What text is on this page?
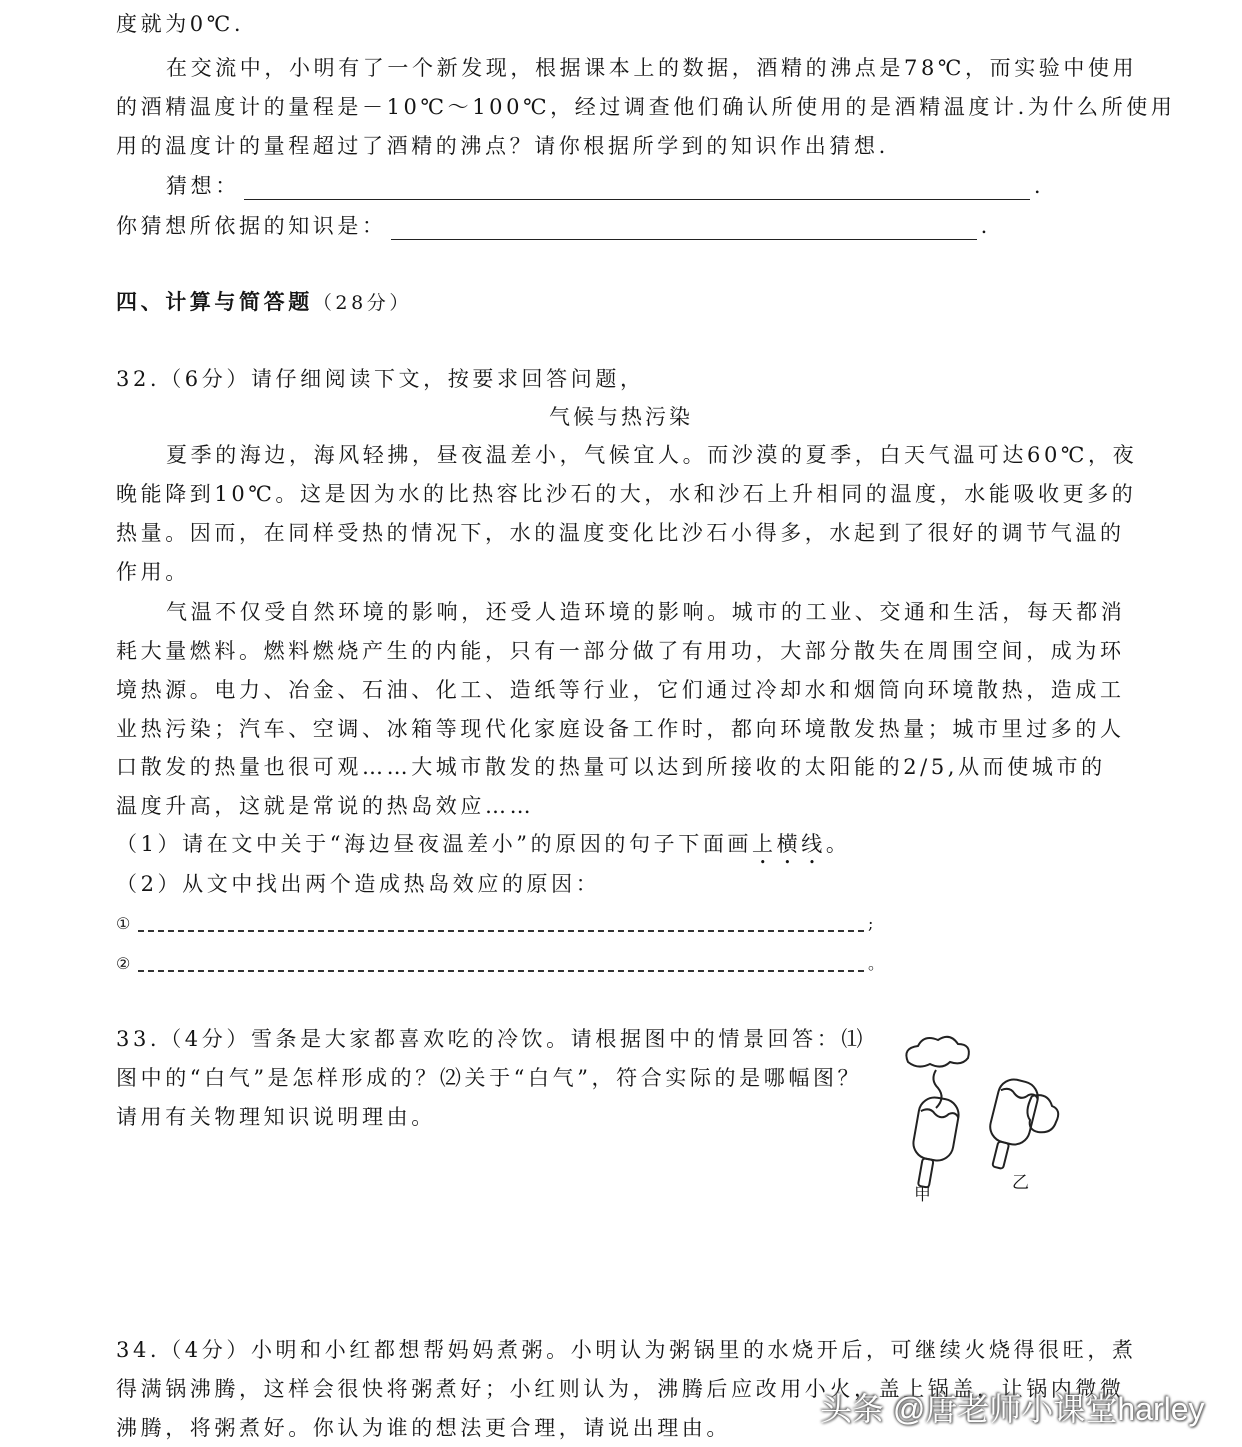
度就为0℃.
在交流中，小明有了一个新发现，根据课本上的数据，酒精的沸点是78℃，而实验中使用
的酒精温度计的量程是－10℃～100℃，经过调查他们确认所使用的是酒精温度计.为什么所使用
用的温度计的量程超过了酒精的沸点？请你根据所学到的知识作出猜想.
猜想：	.
你猜想所依据的知识是：	.
四、计算与简答题（28分）
32.（6分）请仔细阅读下文，按要求回答问题，
气候与热污染
夏季的海边，海风轻拂，昼夜温差小，气候宜人。而沙漠的夏季，白天气温可达60℃，夜
晚能降到10℃。这是因为水的比热容比沙石的大，水和沙石上升相同的温度，水能吸收更多的
热量。因而，在同样受热的情况下，水的温度变化比沙石小得多，水起到了很好的调节气温的
作用。
气温不仅受自然环境的影响，还受人造环境的影响。城市的工业、交通和生活，每天都消
耗大量燃料。燃料燃烧产生的内能，只有一部分做了有用功，大部分散失在周围空间，成为环
境热源。电力、冶金、石油、化工、造纸等行业，它们通过冷却水和烟筒向环境散热，造成工
业热污染；汽车、空调、冰箱等现代化家庭设备工作时，都向环境散发热量；城市里过多的人
口散发的热量也很可观……大城市散发的热量可以达到所接收的太阳能的2/5,从而使城市的
温度升高，这就是常说的热岛效应……
（1）请在文中关于“海边昼夜温差小”的原因的句子下面画上横线。
（2）从文中找出两个造成热岛效应的原因：
①	;
②	。
33.（4分）雪条是大家都喜欢吃的冷饮。请根据图中的情景回答：⑴
图中的“白气”是怎样形成的？⑵关于“白气”，符合实际的是哪幅图？
请用有关物理知识说明理由。
甲
乙
34.（4分）小明和小红都想帮妈妈煮粥。小明认为粥锅里的水烧开后，可继续火烧得很旺，煮
得满锅沸腾，这样会很快将粥煮好；小红则认为，沸腾后应改用小火，盖上锅盖，让锅内微微
沸腾，将粥煮好。你认为谁的想法更合理，请说出理由。
头条 @唐老师小课堂harley
